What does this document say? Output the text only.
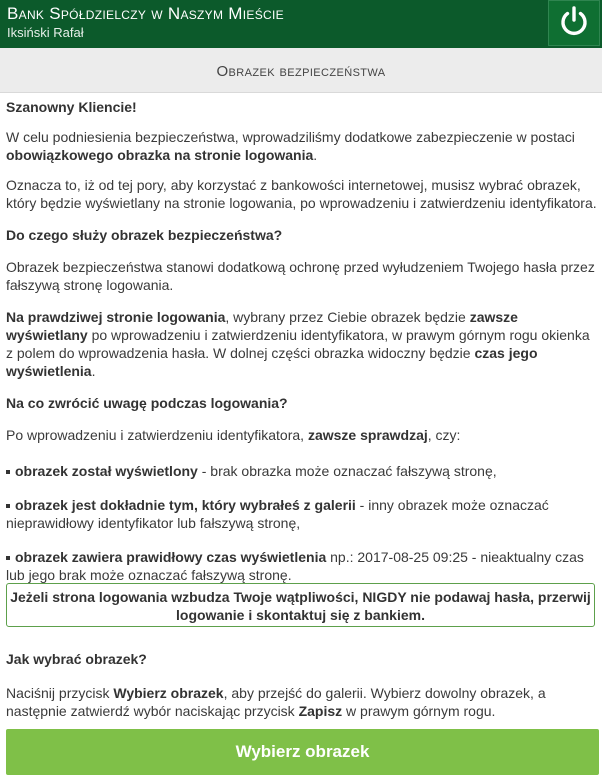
Bank Spółdzielczy w Naszym Mieście
Iksiński Rafał
Obrazek bezpieczeństwa

Szanowny Kliencie!

W celu podniesienia bezpieczeństwa, wprowadziliśmy dodatkowe zabezpieczenie w postaci obowiązkowego obrazka na stronie logowania.

Oznacza to, iż od tej pory, aby korzystać z bankowości internetowej, musisz wybrać obrazek, który będzie wyświetlany na stronie logowania, po wprowadzeniu i zatwierdzeniu identyfikatora.

Do czego służy obrazek bezpieczeństwa?

Obrazek bezpieczeństwa stanowi dodatkową ochronę przed wyłudzeniem Twojego hasła przez fałszywą stronę logowania.

Na prawdziwej stronie logowania, wybrany przez Ciebie obrazek będzie zawsze wyświetlany po wprowadzeniu i zatwierdzeniu identyfikatora, w prawym górnym rogu okienka z polem do wprowadzenia hasła. W dolnej części obrazka widoczny będzie czas jego wyświetlenia.

Na co zwrócić uwagę podczas logowania?

Po wprowadzeniu i zatwierdzeniu identyfikatora, zawsze sprawdzaj, czy:

obrazek został wyświetlony - brak obrazka może oznaczać fałszywą stronę,

obrazek jest dokładnie tym, który wybrałeś z galerii - inny obrazek może oznaczać nieprawidłowy identyfikator lub fałszywą stronę,

obrazek zawiera prawidłowy czas wyświetlenia np.: 2017-08-25 09:25 - nieaktualny czas lub jego brak może oznaczać fałszywą stronę.

Jeżeli strona logowania wzbudza Twoje wątpliwości, NIGDY nie podawaj hasła, przerwij logowanie i skontaktuj się z bankiem.

Jak wybrać obrazek?

Naciśnij przycisk Wybierz obrazek, aby przejść do galerii. Wybierz dowolny obrazek, a następnie zatwierdź wybór naciskając przycisk Zapisz w prawym górnym rogu.

Wybierz obrazek
